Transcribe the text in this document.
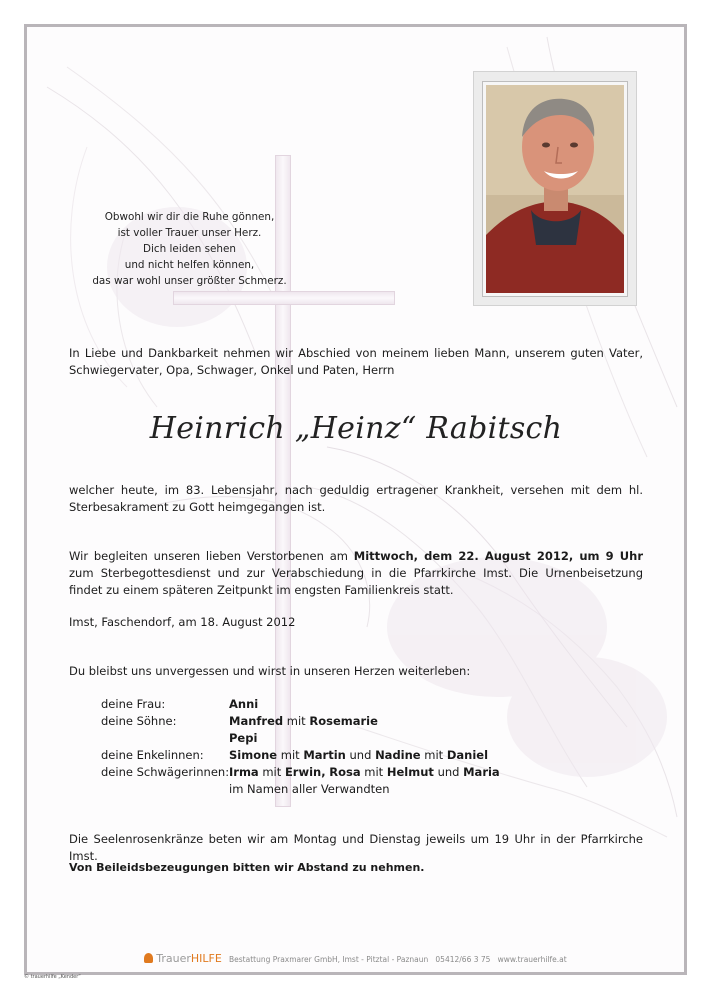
Obwohl wir dir die Ruhe gönnen,
ist voller Trauer unser Herz.
Dich leiden sehen
und nicht helfen können,
das war wohl unser größter Schmerz.
In Liebe und Dankbarkeit nehmen wir Abschied von meinem lieben Mann, unserem guten Vater, Schwiegervater, Opa, Schwager, Onkel und Paten, Herrn
Heinrich „Heinz“ Rabitsch
welcher heute, im 83. Lebensjahr, nach geduldig ertragener Krankheit, versehen mit dem hl. Sterbesakrament zu Gott heimgegangen ist.
Wir begleiten unseren lieben Verstorbenen am Mittwoch, dem 22. August 2012, um 9 Uhr zum Sterbegottesdienst und zur Verabschiedung in die Pfarrkirche Imst. Die Urnenbeisetzung findet zu einem späteren Zeitpunkt im engsten Familienkreis statt.
Imst, Faschendorf, am 18. August 2012
Du bleibst uns unvergessen und wirst in unseren Herzen weiterleben:
deine Frau:	Anni
deine Söhne:	Manfred mit Rosemarie
Pepi
deine Enkelinnen:	Simone mit Martin und Nadine mit Daniel
deine Schwägerinnen: Irma mit Erwin, Rosa mit Helmut und Maria
im Namen aller Verwandten
Die Seelenrosenkränze beten wir am Montag und Dienstag jeweils um 19 Uhr in der Pfarrkirche Imst.
Von Beileidsbezeugungen bitten wir Abstand zu nehmen.
TrauerHILFE Bestattung Praxmarer GmbH, Imst - Pitztal - Paznaun 05412/66 3 75 www.trauerhilfe.at
© trauerhilfe „Kender“
